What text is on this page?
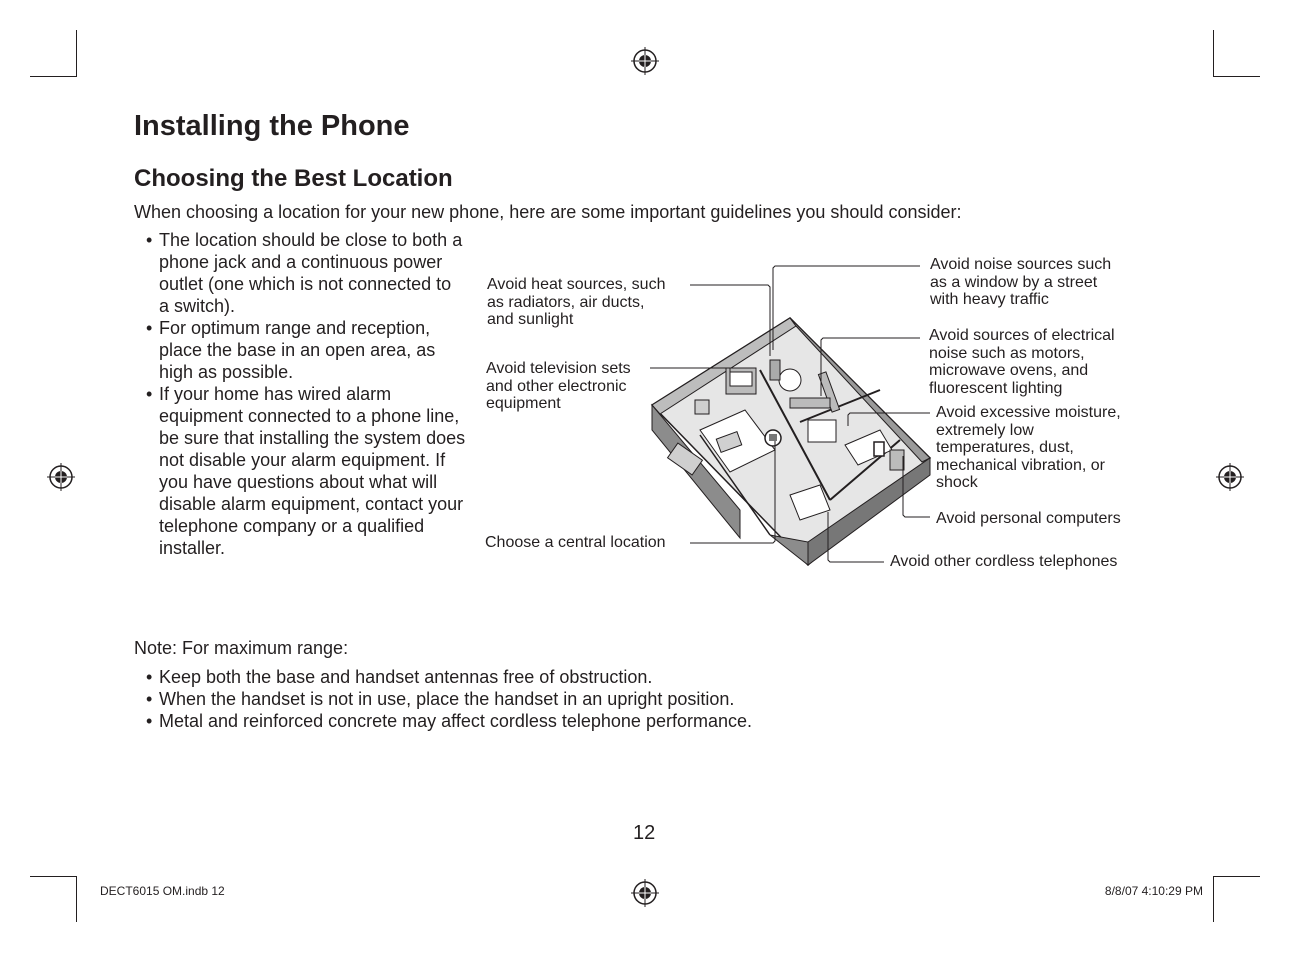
Installing the Phone
Choosing the Best Location
When choosing a location for your new phone, here are some important guidelines you should consider:
• The location should be close to both a phone jack and a continuous power outlet (one which is not connected to a switch).
• For optimum range and reception, place the base in an open area, as high as possible.
• If your home has wired alarm equipment connected to a phone line, be sure that installing the system does not disable your alarm equipment. If you have questions about what will disable alarm equipment, contact your telephone company or a qualified installer.
Avoid heat sources, such
as radiators, air ducts,
and sunlight
Avoid television sets
and other electronic
equipment
Choose a central location
Avoid noise sources such
as a window by a street
with heavy traffic
Avoid sources of electrical
noise such as motors,
microwave ovens, and
fluorescent lighting
Avoid excessive moisture,
extremely low
temperatures, dust,
mechanical vibration, or
shock
Avoid personal computers
Avoid other cordless telephones
Note: For maximum range:
• Keep both the base and handset antennas free of obstruction.
• When the handset is not in use, place the handset in an upright position.
• Metal and reinforced concrete may affect cordless telephone performance.
12
DECT6015 OM.indb 12	8/8/07 4:10:29 PM
